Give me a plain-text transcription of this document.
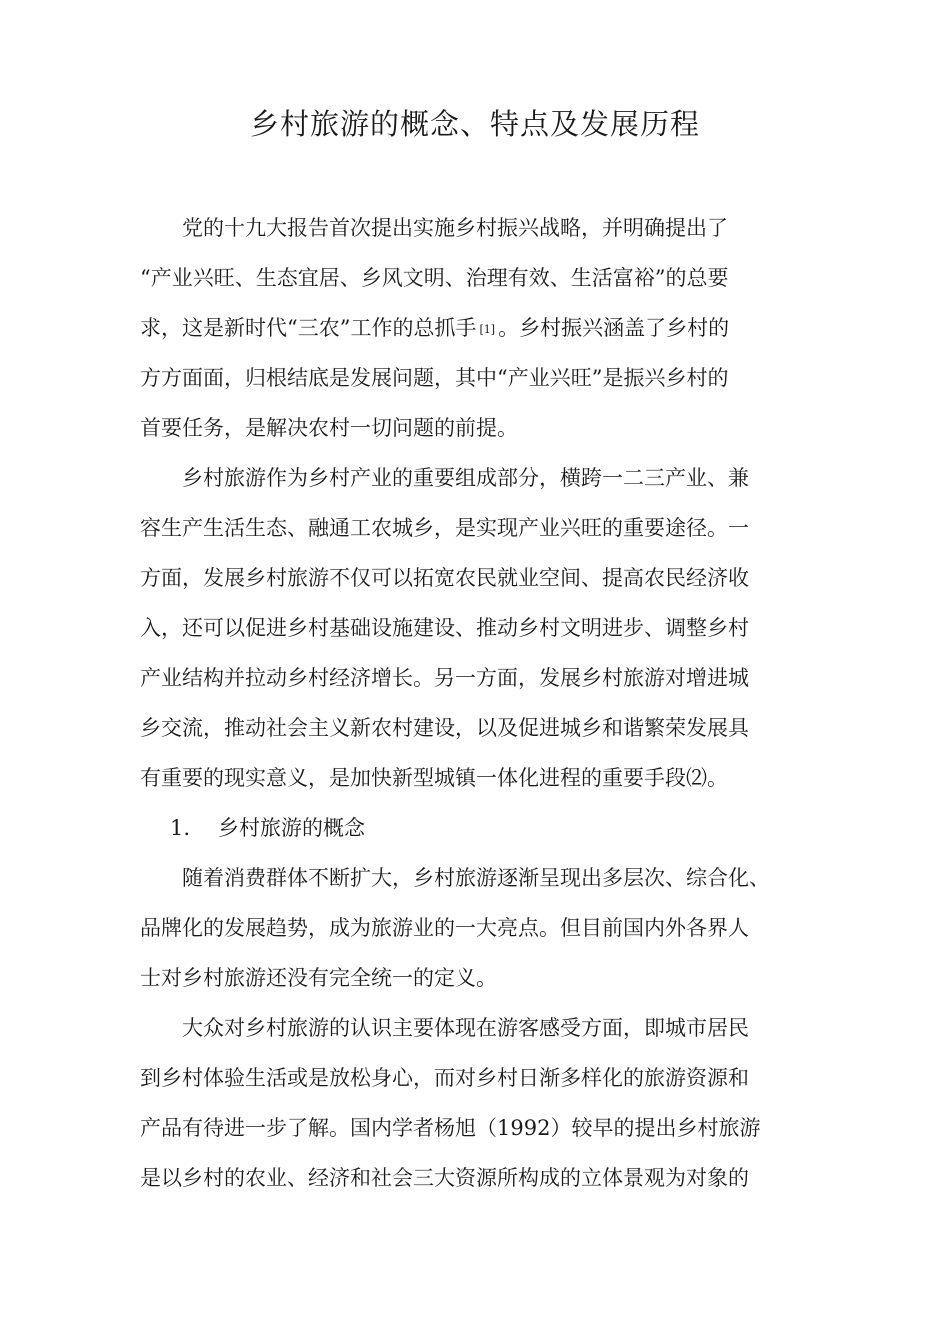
乡村旅游的概念、特点及发展历程
党的十九大报告首次提出实施乡村振兴战略，并明确提出了
“产业兴旺、生态宜居、乡风文明、治理有效、生活富裕”的总要
求，这是新时代“三农”工作的总抓手 [1] 。乡村振兴涵盖了乡村的
方方面面，归根结底是发展问题，其中“产业兴旺”是振兴乡村的
首要任务，是解决农村一切问题的前提。
乡村旅游作为乡村产业的重要组成部分，横跨一二三产业、兼
容生产生活生态、融通工农城乡，是实现产业兴旺的重要途径。一
方面，发展乡村旅游不仅可以拓宽农民就业空间、提高农民经济收
入，还可以促进乡村基础设施建设、推动乡村文明进步、调整乡村
产业结构并拉动乡村经济增长。另一方面，发展乡村旅游对增进城
乡交流，推动社会主义新农村建设，以及促进城乡和谐繁荣发展具
有重要的现实意义，是加快新型城镇一体化进程的重要手段⑵。
1. 乡村旅游的概念
随着消费群体不断扩大，乡村旅游逐渐呈现出多层次、综合化、
品牌化的发展趋势，成为旅游业的一大亮点。但目前国内外各界人
士对乡村旅游还没有完全统一的定义。
大众对乡村旅游的认识主要体现在游客感受方面，即城市居民
到乡村体验生活或是放松身心，而对乡村日渐多样化的旅游资源和
产品有待进一步了解。国内学者杨旭（1992）较早的提出乡村旅游
是以乡村的农业、经济和社会三大资源所构成的立体景观为对象的
